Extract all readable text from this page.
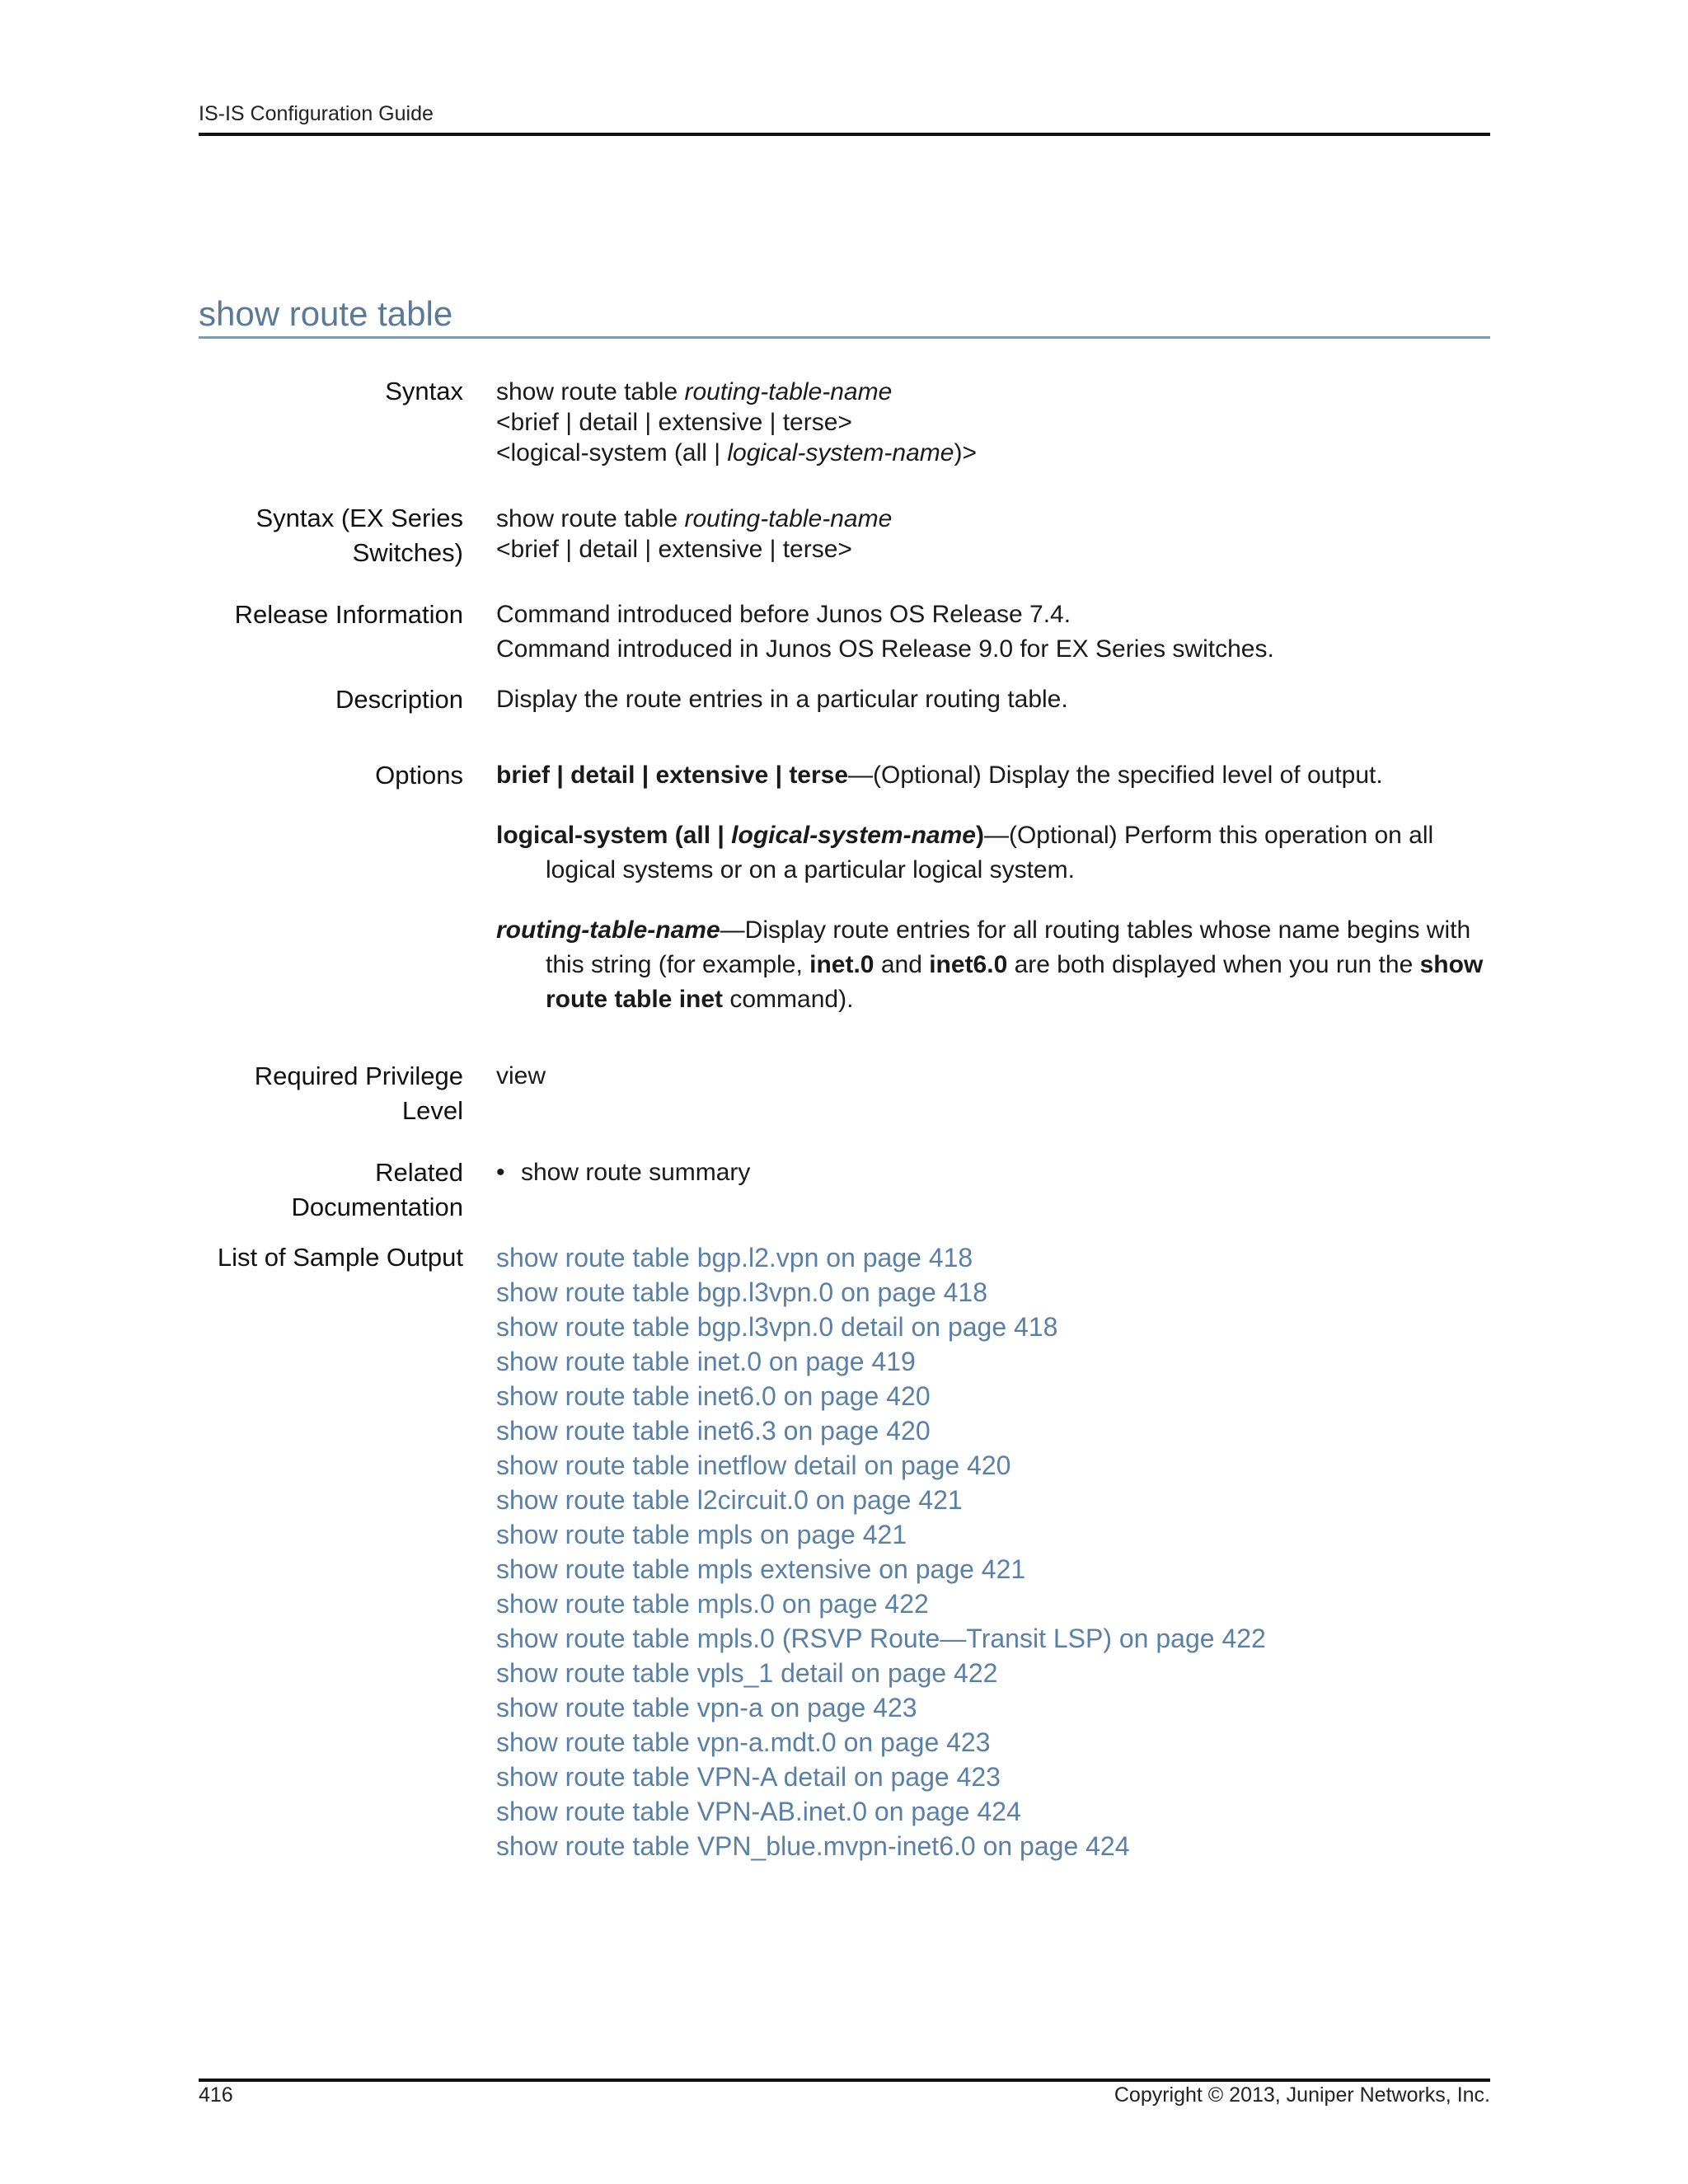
IS-IS Configuration Guide
show route table
Syntax show route table routing-table-name
<brief | detail | extensive | terse>
<logical-system (all | logical-system-name)>
Syntax (EX Series
Switches)
show route table routing-table-name
<brief | detail | extensive | terse>
Release Information Command introduced before Junos OS Release 7.4.
Command introduced in Junos OS Release 9.0 for EX Series switches.
Description Display the route entries in a particular routing table.
Options brief | detail | extensive | terse—(Optional) Display the specified level of output.
logical-system (all | logical-system-name)—(Optional) Perform this operation on all logical systems or on a particular logical system.
routing-table-name—Display route entries for all routing tables whose name begins with this string (for example, inet.0 and inet6.0 are both displayed when you run the show route table inet command).
Required Privilege
Level
view
Related
Documentation
• show route summary
List of Sample Output show route table bgp.l2.vpn on page 418
show route table bgp.l3vpn.0 on page 418
show route table bgp.l3vpn.0 detail on page 418
show route table inet.0 on page 419
show route table inet6.0 on page 420
show route table inet6.3 on page 420
show route table inetflow detail on page 420
show route table l2circuit.0 on page 421
show route table mpls on page 421
show route table mpls extensive on page 421
show route table mpls.0 on page 422
show route table mpls.0 (RSVP Route—Transit LSP) on page 422
show route table vpls_1 detail on page 422
show route table vpn-a on page 423
show route table vpn-a.mdt.0 on page 423
show route table VPN-A detail on page 423
show route table VPN-AB.inet.0 on page 424
show route table VPN_blue.mvpn-inet6.0 on page 424
416	Copyright © 2013, Juniper Networks, Inc.
